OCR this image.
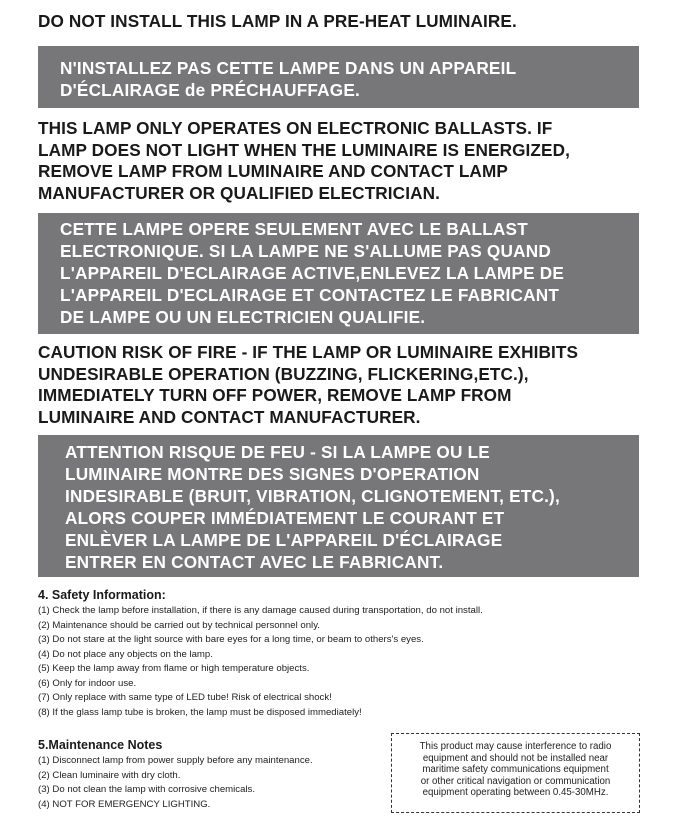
DO NOT INSTALL THIS LAMP IN A PRE-HEAT LUMINAIRE.

N'INSTALLEZ PAS CETTE LAMPE DANS UN APPAREIL

D'ÉCLAIRAGE de PRÉCHAUFFAGE.

THIS LAMP ONLY OPERATES ON ELECTRONIC BALLASTS. IF

LAMP DOES NOT LIGHT WHEN THE LUMINAIRE IS ENERGIZED,

REMOVE LAMP FROM LUMINAIRE AND CONTACT LAMP

MANUFACTURER OR QUALIFIED ELECTRICIAN.

CETTE LAMPE OPERE SEULEMENT AVEC LE BALLAST

ELECTRONIQUE. SI LA LAMPE NE S'ALLUME PAS QUAND

L'APPAREIL D'ECLAIRAGE ACTIVE,ENLEVEZ LA LAMPE DE

L'APPAREIL D'ECLAIRAGE ET CONTACTEZ LE FABRICANT

DE LAMPE OU UN ELECTRICIEN QUALIFIE.

CAUTION RISK OF FIRE - IF THE LAMP OR LUMINAIRE EXHIBITS

UNDESIRABLE OPERATION (BUZZING, FLICKERING,ETC.),

IMMEDIATELY TURN OFF POWER, REMOVE LAMP FROM

LUMINAIRE AND CONTACT MANUFACTURER.

ATTENTION RISQUE DE FEU - SI LA LAMPE OU LE

LUMINAIRE MONTRE DES SIGNES D'OPERATION

INDESIRABLE (BRUIT, VIBRATION, CLIGNOTEMENT, ETC.),

ALORS COUPER IMMÉDIATEMENT LE COURANT ET

ENLÈVER LA LAMPE DE L'APPAREIL D'ÉCLAIRAGE

ENTRER EN CONTACT AVEC LE FABRICANT.

4. Safety Information:
(1) Check the lamp before installation, if there is any damage caused during transportation, do not install.
(2) Maintenance should be carried out by technical personnel only.
(3) Do not stare at the light source with bare eyes for a long time, or beam to others's eyes.
(4) Do not place any objects on the lamp.
(5) Keep the lamp away from flame or high temperature objects.
(6) Only for indoor use.
(7) Only replace with same type of LED tube! Risk of electrical shock!
(8) If the glass lamp tube is broken, the lamp must be disposed immediately!
5.Maintenance Notes
(1) Disconnect lamp from power supply before any maintenance.
(2) Clean luminaire with dry cloth.
(3) Do not clean the lamp with corrosive chemicals.
(4) NOT FOR EMERGENCY LIGHTING.

This product may cause interference to radio

equipment and should not be installed near

maritime safety communications equipment

or other critical navigation or communication

equipment operating between 0.45-30MHz.
